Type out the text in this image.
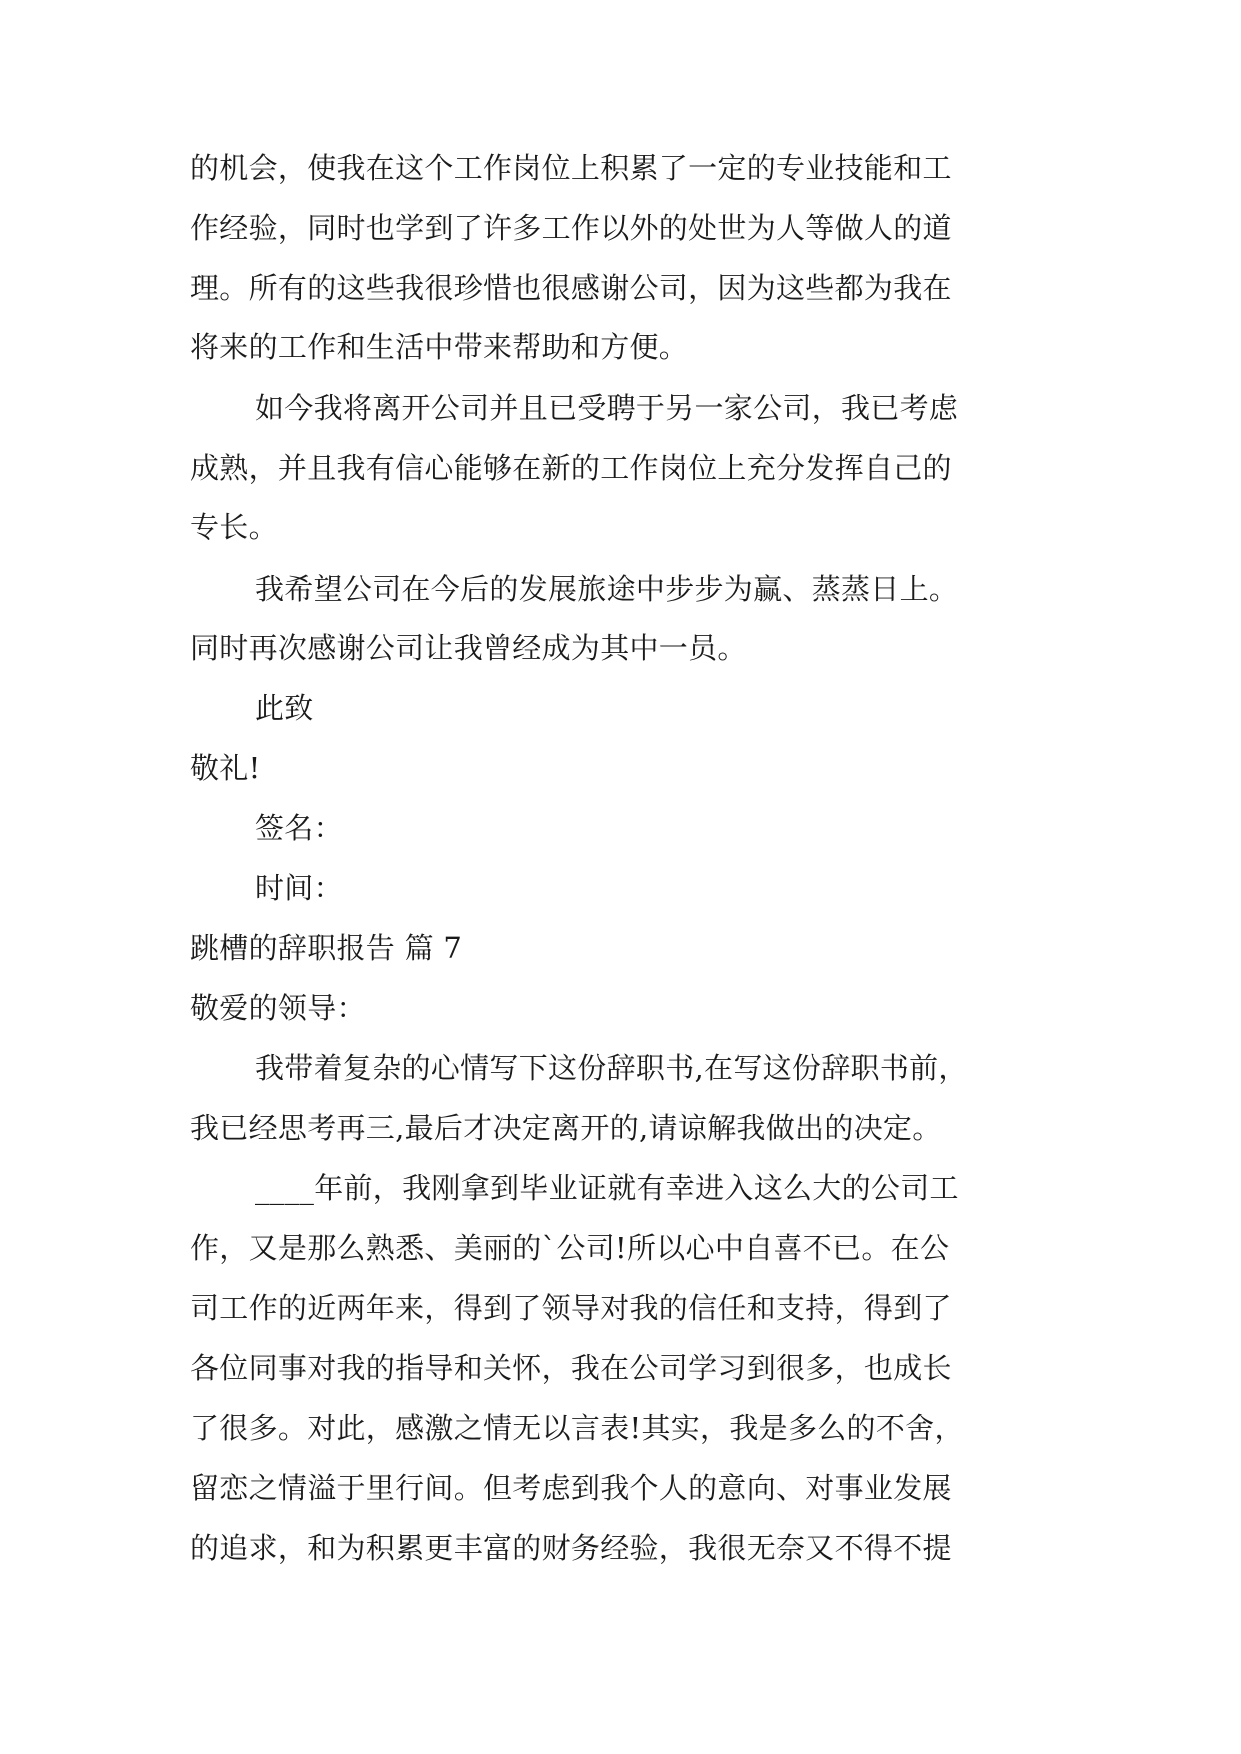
的机会，使我在这个工作岗位上积累了一定的专业技能和工
作经验，同时也学到了许多工作以外的处世为人等做人的道
理。所有的这些我很珍惜也很感谢公司，因为这些都为我在
将来的工作和生活中带来帮助和方便。
如今我将离开公司并且已受聘于另一家公司，我已考虑
成熟，并且我有信心能够在新的工作岗位上充分发挥自己的
专长。
我希望公司在今后的发展旅途中步步为赢、蒸蒸日上。
同时再次感谢公司让我曾经成为其中一员。
此致
敬礼!
签名：
时间：
跳槽的辞职报告 篇 7
敬爱的领导：
我带着复杂的心情写下这份辞职书,在写这份辞职书前，
我已经思考再三,最后才决定离开的,请谅解我做出的决定。
____年前，我刚拿到毕业证就有幸进入这么大的公司工
作，又是那么熟悉、美丽的`公司!所以心中自喜不已。在公
司工作的近两年来，得到了领导对我的信任和支持，得到了
各位同事对我的指导和关怀，我在公司学习到很多，也成长
了很多。对此，感激之情无以言表!其实，我是多么的不舍，
留恋之情溢于里行间。但考虑到我个人的意向、对事业发展
的追求，和为积累更丰富的财务经验，我很无奈又不得不提
